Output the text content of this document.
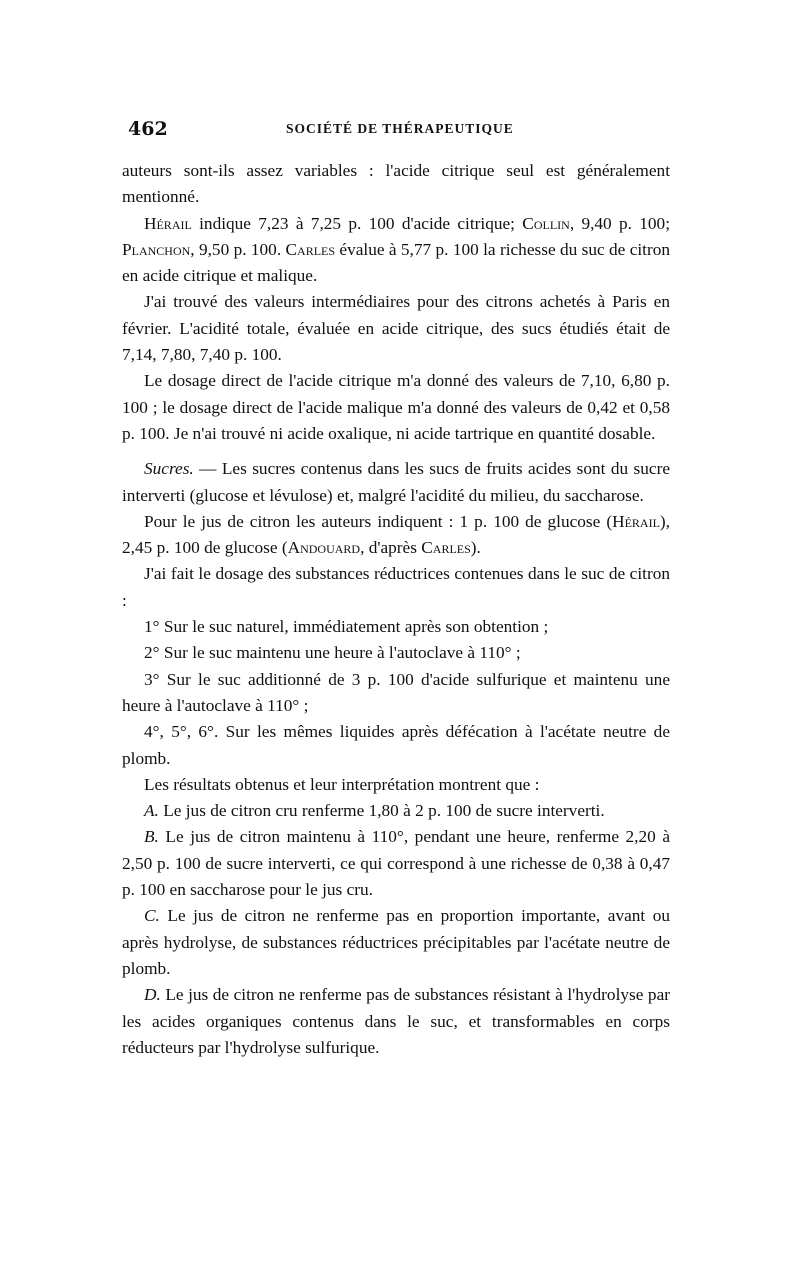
462	SOCIÉTÉ DE THÉRAPEUTIQUE

auteurs sont-ils assez variables : l'acide citrique seul est généralement mentionné.

Hérail indique 7,23 à 7,25 p. 100 d'acide citrique; Collin, 9,40 p. 100; Planchon, 9,50 p. 100. Carles évalue à 5,77 p. 100 la richesse du suc de citron en acide citrique et malique.

J'ai trouvé des valeurs intermédiaires pour des citrons achetés à Paris en février. L'acidité totale, évaluée en acide citrique, des sucs étudiés était de 7,14, 7,80, 7,40 p. 100.

Le dosage direct de l'acide citrique m'a donné des valeurs de 7,10, 6,80 p. 100 ; le dosage direct de l'acide malique m'a donné des valeurs de 0,42 et 0,58 p. 100. Je n'ai trouvé ni acide oxalique, ni acide tartrique en quantité dosable.

Sucres. — Les sucres contenus dans les sucs de fruits acides sont du sucre interverti (glucose et lévulose) et, malgré l'acidité du milieu, du saccharose.

Pour le jus de citron les auteurs indiquent : 1 p. 100 de glucose (Hérail), 2,45 p. 100 de glucose (Andouard, d'après Carles).

J'ai fait le dosage des substances réductrices contenues dans le suc de citron :

1° Sur le suc naturel, immédiatement après son obtention ;

2° Sur le suc maintenu une heure à l'autoclave à 110° ;

3° Sur le suc additionné de 3 p. 100 d'acide sulfurique et maintenu une heure à l'autoclave à 110° ;

4°, 5°, 6°. Sur les mêmes liquides après défécation à l'acétate neutre de plomb.

Les résultats obtenus et leur interprétation montrent que :

A. Le jus de citron cru renferme 1,80 à 2 p. 100 de sucre interverti.

B. Le jus de citron maintenu à 110°, pendant une heure, renferme 2,20 à 2,50 p. 100 de sucre interverti, ce qui correspond à une richesse de 0,38 à 0,47 p. 100 en saccharose pour le jus cru.

C. Le jus de citron ne renferme pas en proportion importante, avant ou après hydrolyse, de substances réductrices précipitables par l'acétate neutre de plomb.

D. Le jus de citron ne renferme pas de substances résistant à l'hydrolyse par les acides organiques contenus dans le suc, et transformables en corps réducteurs par l'hydrolyse sulfurique.
